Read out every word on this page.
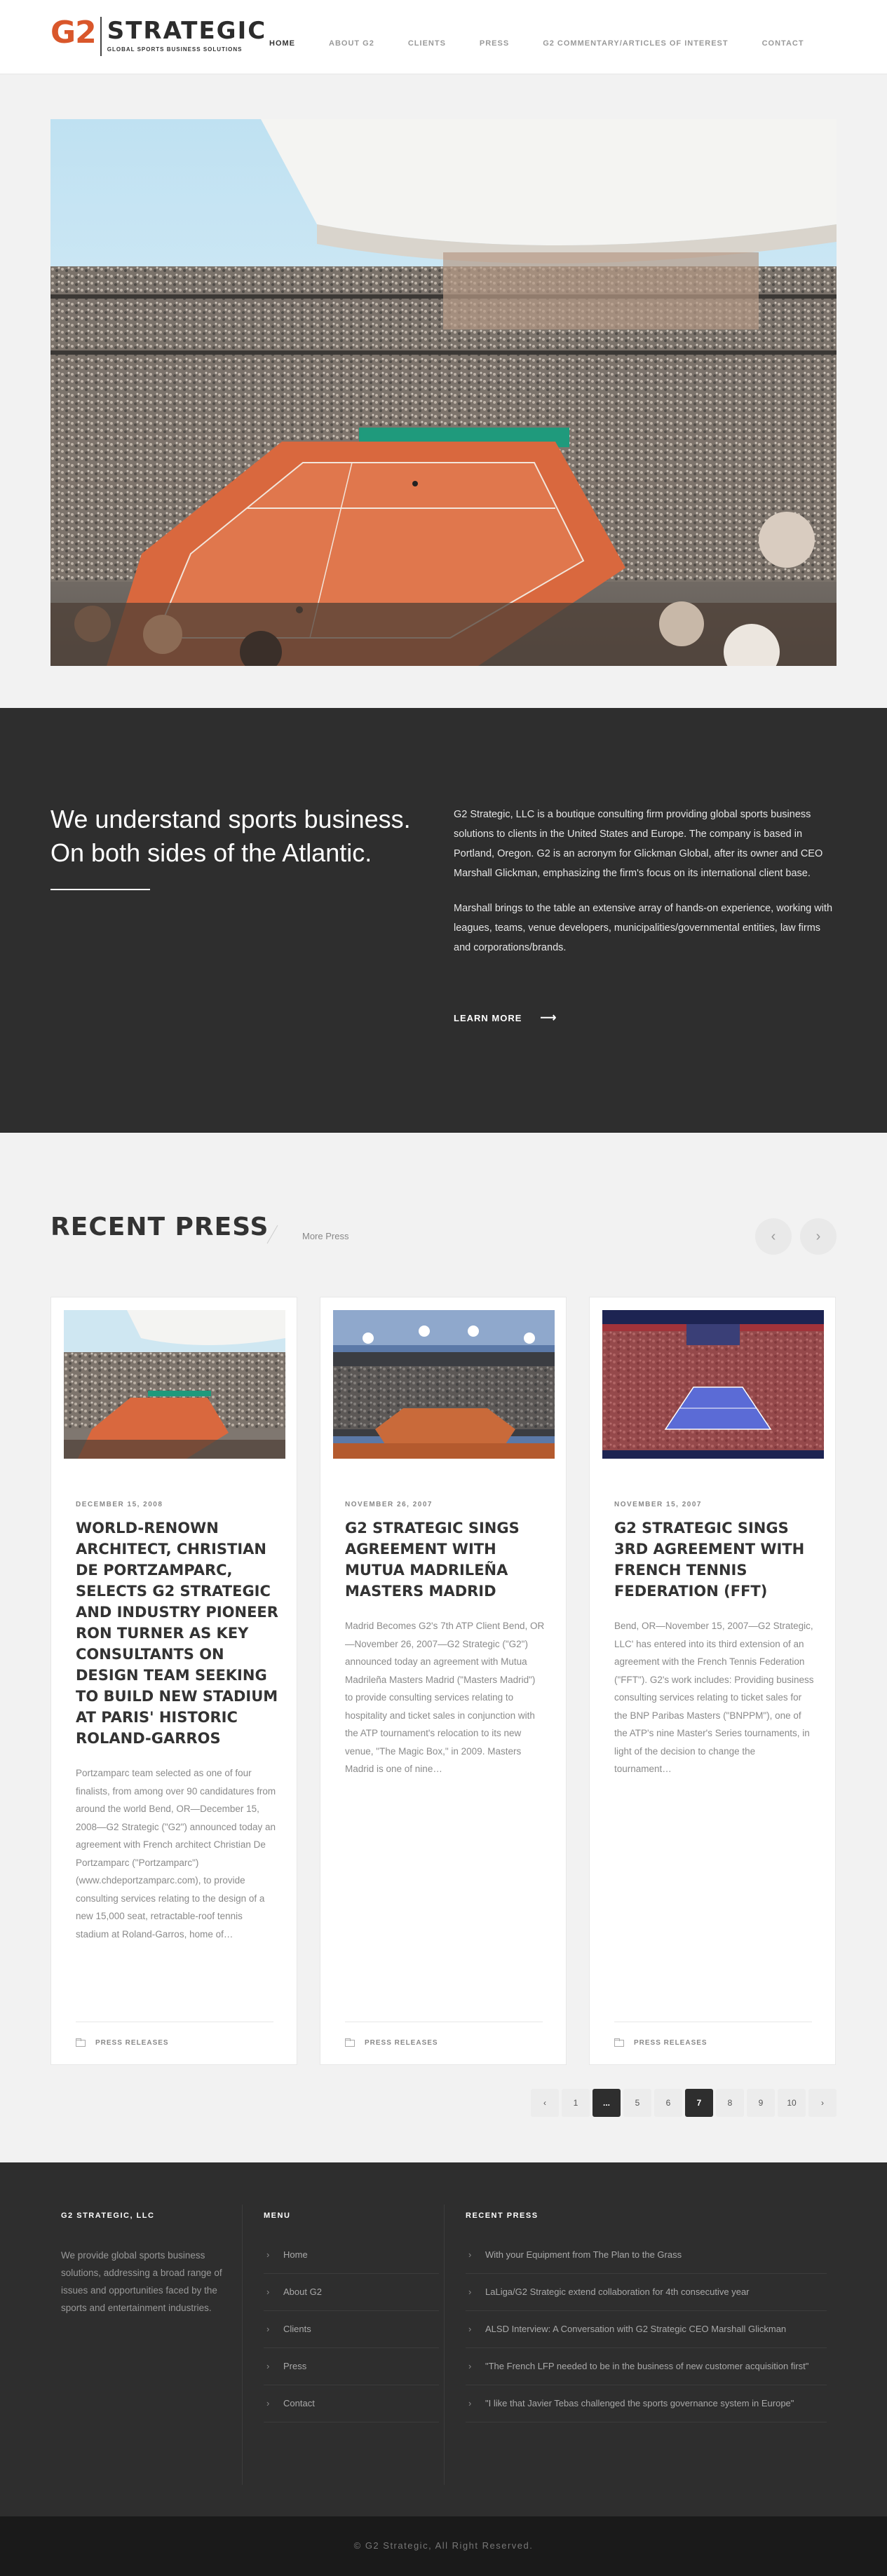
G2 STRATEGIC
GLOBAL SPORTS BUSINESS SOLUTIONS
HOME	ABOUT G2	CLIENTS	PRESS	G2 COMMENTARY/ARTICLES OF INTEREST	CONTACT
We understand sports business.
On both sides of the Atlantic.

G2 Strategic, LLC is a boutique consulting firm providing global sports business solutions to clients in the United States and Europe. The company is based in Portland, Oregon. G2 is an acronym for Glickman Global, after its owner and CEO Marshall Glickman, emphasizing the firm's focus on its international client base.

Marshall brings to the table an extensive array of hands-on experience, working with leagues, teams, venue developers, municipalities/governmental entities, law firms and corporations/brands.

LEARN MORE ⟶
RECENT PRESS	More Press	‹	›
DECEMBER 15, 2008
WORLD-RENOWN ARCHITECT, CHRISTIAN DE PORTZAMPARC, SELECTS G2 STRATEGIC AND INDUSTRY PIONEER RON TURNER AS KEY CONSULTANTS ON DESIGN TEAM SEEKING TO BUILD NEW STADIUM AT PARIS' HISTORIC ROLAND-GARROS

Portzamparc team selected as one of four finalists, from among over 90 candidatures from around the world Bend, OR—December 15, 2008—G2 Strategic ("G2") announced today an agreement with French architect Christian De Portzamparc ("Portzamparc") (www.chdeportzamparc.com), to provide consulting services relating to the design of a new 15,000 seat, retractable-roof tennis stadium at Roland-Garros, home of…

PRESS RELEASES
NOVEMBER 26, 2007
G2 STRATEGIC SINGS AGREEMENT WITH MUTUA MADRILEÑA MASTERS MADRID

Madrid Becomes G2's 7th ATP Client Bend, OR—November 26, 2007—G2 Strategic ("G2") announced today an agreement with Mutua Madrileña Masters Madrid ("Masters Madrid") to provide consulting services relating to hospitality and ticket sales in conjunction with the ATP tournament's relocation to its new venue, "The Magic Box," in 2009. Masters Madrid is one of nine…

PRESS RELEASES
NOVEMBER 15, 2007
G2 STRATEGIC SINGS 3RD AGREEMENT WITH FRENCH TENNIS FEDERATION (FFT)

Bend, OR—November 15, 2007—G2 Strategic, LLC' has entered into its third extension of an agreement with the French Tennis Federation ("FFT"). G2's work includes: Providing business consulting services relating to ticket sales for the BNP Paribas Masters ("BNPPM"), one of the ATP's nine Master's Series tournaments, in light of the decision to change the tournament…

PRESS RELEASES
‹	1	...	5	6	7	8	9	10	›
G2 STRATEGIC, LLC

We provide global sports business solutions, addressing a broad range of issues and opportunities faced by the sports and entertainment industries.

MENU
› Home
› About G2
› Clients
› Press
› Contact
RECENT PRESS
› With your Equipment from The Plan to the Grass
› LaLiga/G2 Strategic extend collaboration for 4th consecutive year
› ALSD Interview: A Conversation with G2 Strategic CEO Marshall Glickman
› "The French LFP needed to be in the business of new customer acquisition first"
› "I like that Javier Tebas challenged the sports governance system in Europe"
© G2 Strategic, All Right Reserved.
